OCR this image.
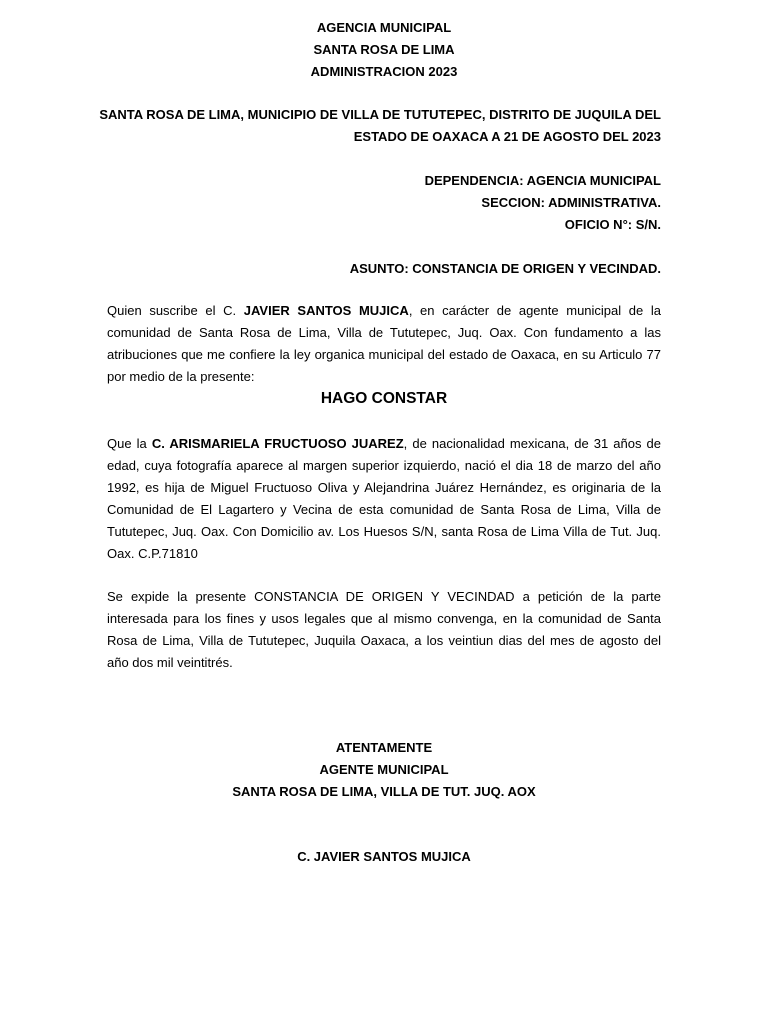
AGENCIA MUNICIPAL
SANTA ROSA DE LIMA
ADMINISTRACION 2023
SANTA ROSA DE LIMA, MUNICIPIO DE VILLA DE TUTUTEPEC, DISTRITO DE JUQUILA DEL
ESTADO DE OAXACA A 21 DE AGOSTO DEL 2023
DEPENDENCIA: AGENCIA MUNICIPAL
SECCION: ADMINISTRATIVA.
OFICIO N°: S/N.
ASUNTO: CONSTANCIA DE ORIGEN Y VECINDAD.
Quien suscribe el C. JAVIER SANTOS MUJICA, en carácter de agente municipal de la comunidad de Santa Rosa de Lima, Villa de Tututepec, Juq. Oax. Con fundamento a las atribuciones que me confiere la ley organica municipal del estado de Oaxaca, en su Articulo 77 por medio de la presente:
HAGO CONSTAR
Que la C. ARISMARIELA FRUCTUOSO JUAREZ, de nacionalidad mexicana, de 31 años de edad, cuya fotografía aparece al margen superior izquierdo, nació el dia 18 de marzo del año 1992, es hija de Miguel Fructuoso Oliva y Alejandrina Juárez Hernández, es originaria de la Comunidad de El Lagartero y Vecina de esta comunidad de Santa Rosa de Lima, Villa de Tututepec, Juq. Oax. Con Domicilio av. Los Huesos S/N, santa Rosa de Lima Villa de Tut. Juq. Oax. C.P.71810
Se expide la presente CONSTANCIA DE ORIGEN Y VECINDAD a petición de la parte interesada para los fines y usos legales que al mismo convenga, en la comunidad de Santa Rosa de Lima, Villa de Tututepec, Juquila Oaxaca, a los veintiun dias del mes de agosto del año dos mil veintitrés.
ATENTAMENTE
AGENTE MUNICIPAL
SANTA ROSA DE LIMA, VILLA DE TUT. JUQ. AOX
C. JAVIER SANTOS MUJICA
